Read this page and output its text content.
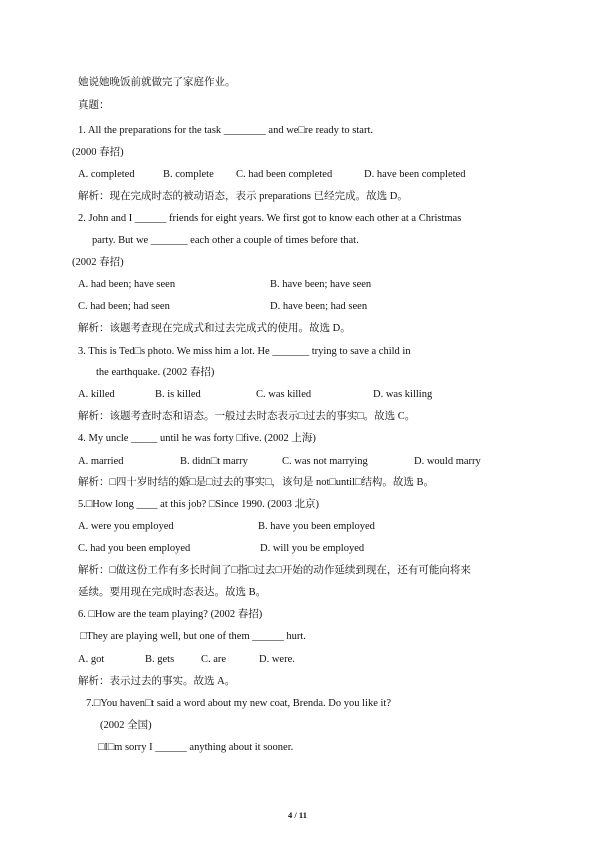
她说她晚饭前就做完了家庭作业。
真题：
1. All the preparations for the task ________ and we□re ready to start.
(2000 春招)
A. completed	B. complete C. had been completed	D. have been completed
解析：现在完成时态的被动语态，表示 preparations 已经完成。故选 D。
2. John and I ______ friends for eight years. We first got to know each other at a Christmas
party. But we _______ each other a couple of times before that.
(2002 春招)
A. had been; have seen	B. have been; have seen
C. had been; had seen	D. have been; had seen
解析：该题考查现在完成式和过去完成式的使用。故选 D。
3. This is Ted□s photo. We miss him a lot. He _______ trying to save a child in
the earthquake. (2002 春招)
A. killed	B. is killed	C. was killed	D. was killing
解析：该题考查时态和语态。一般过去时态表示□过去的事实□。故选 C。
4. My uncle _____ until he was forty □five. (2002 上海)
A. married	B. didn□t marry	C. was not marrying	D. would marry
解析：□四十岁时结的婚□是□过去的事实□，该句是 not□until□结构。故选 B。
5.□How long ____ at this job? □Since 1990. (2003 北京)
A. were you employed	B. have you been employed
C. had you been employed	D. will you be employed
解析：□做这份工作有多长时间了□指□过去□开始的动作延续到现在，还有可能向将来
延续。要用现在完成时态表达。故选 B。
6. □How are the team playing? (2002 春招)
□They are playing well, but one of them ______ hurt.
A. got	B. gets	C. are	D. were.
解析：表示过去的事实。故选 A。
7.□You haven□t said a word about my new coat, Brenda. Do you like it?
(2002 全国)
□I□m sorry I ______ anything about it sooner.
4 / 11
